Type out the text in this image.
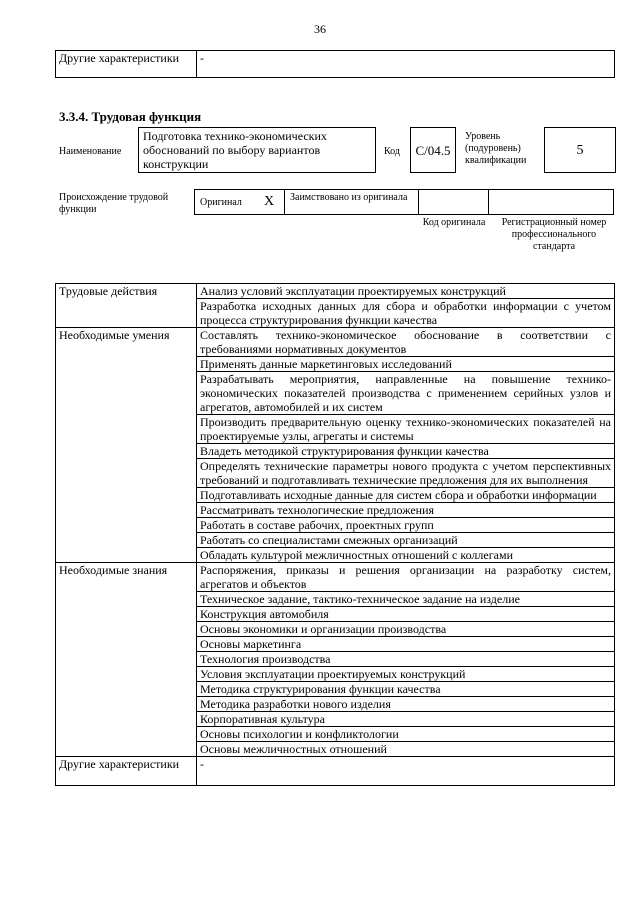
36
Другие характеристики	-
3.3.4. Трудовая функция
Наименование
Подготовка технико-экономических обоснований по выбору вариантов конструкции
Код	C/04.5
Уровень (подуровень) квалификации
5
Происхождение трудовой функции
Оригинал X Заимствовано из оригинала
Код оригинала Регистрационный номер профессионального стандарта
Трудовые действия	Анализ условий эксплуатации проектируемых конструкций
	Разработка исходных данных для сбора и обработки информации с учетом процесса структурирования функции качества
Необходимые умения	Составлять технико-экономическое обоснование в соответствии с требованиями нормативных документов
	Применять данные маркетинговых исследований
	Разрабатывать мероприятия, направленные на повышение технико-экономических показателей производства с применением серийных узлов и агрегатов, автомобилей и их систем
	Производить предварительную оценку технико-экономических показателей на проектируемые узлы, агрегаты и системы
	Владеть методикой структурирования функции качества
	Определять технические параметры нового продукта с учетом перспективных требований и подготавливать технические предложения для их выполнения
	Подготавливать исходные данные для систем сбора и обработки информации
	Рассматривать технологические предложения
	Работать в составе рабочих, проектных групп
	Работать со специалистами смежных организаций
	Обладать культурой межличностных отношений с коллегами
Необходимые знания	Распоряжения, приказы и решения организации на разработку систем, агрегатов и объектов
	Техническое задание, тактико-техническое задание на изделие
	Конструкция автомобиля
	Основы экономики и организации производства
	Основы маркетинга
	Технология производства
	Условия эксплуатации проектируемых конструкций
	Методика структурирования функции качества
	Методика разработки нового изделия
	Корпоративная культура
	Основы психологии и конфликтологии
	Основы межличностных отношений
Другие характеристики	-
